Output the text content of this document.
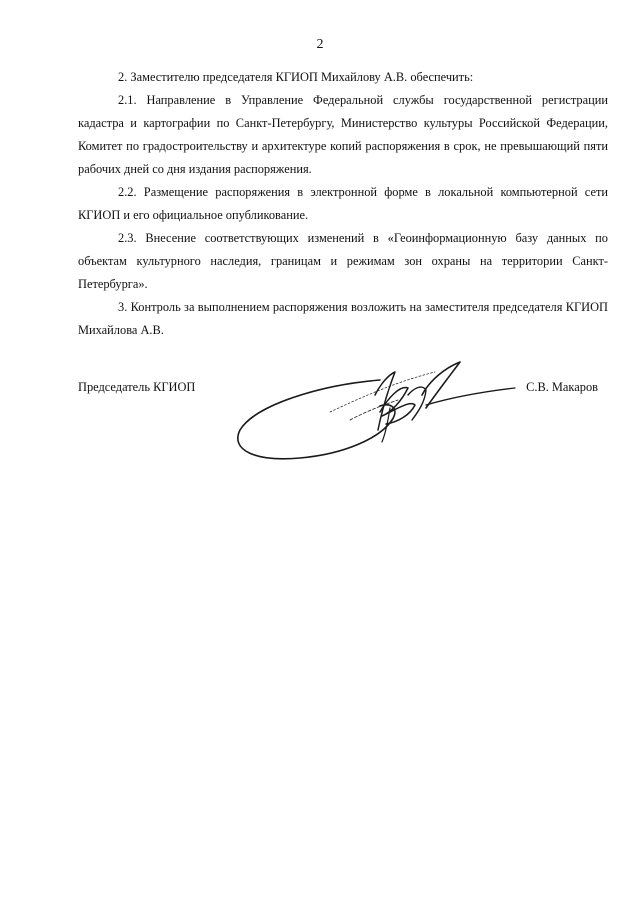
2

2. Заместителю председателя КГИОП Михайлову А.В. обеспечить:

2.1. Направление в Управление Федеральной службы государственной регистрации кадастра и картографии по Санкт-Петербургу, Министерство культуры Российской Федерации, Комитет по градостроительству и архитектуре копий распоряжения в срок, не превышающий пяти рабочих дней со дня издания распоряжения.

2.2. Размещение распоряжения в электронной форме в локальной компьютерной сети КГИОП и его официальное опубликование.

2.3. Внесение соответствующих изменений в «Геоинформационную базу данных по объектам культурного наследия, границам и режимам зон охраны на территории Санкт-Петербурга».

3. Контроль за выполнением распоряжения возложить на заместителя председателя КГИОП Михайлова А.В.

Председатель КГИОП	С.В. Макаров
